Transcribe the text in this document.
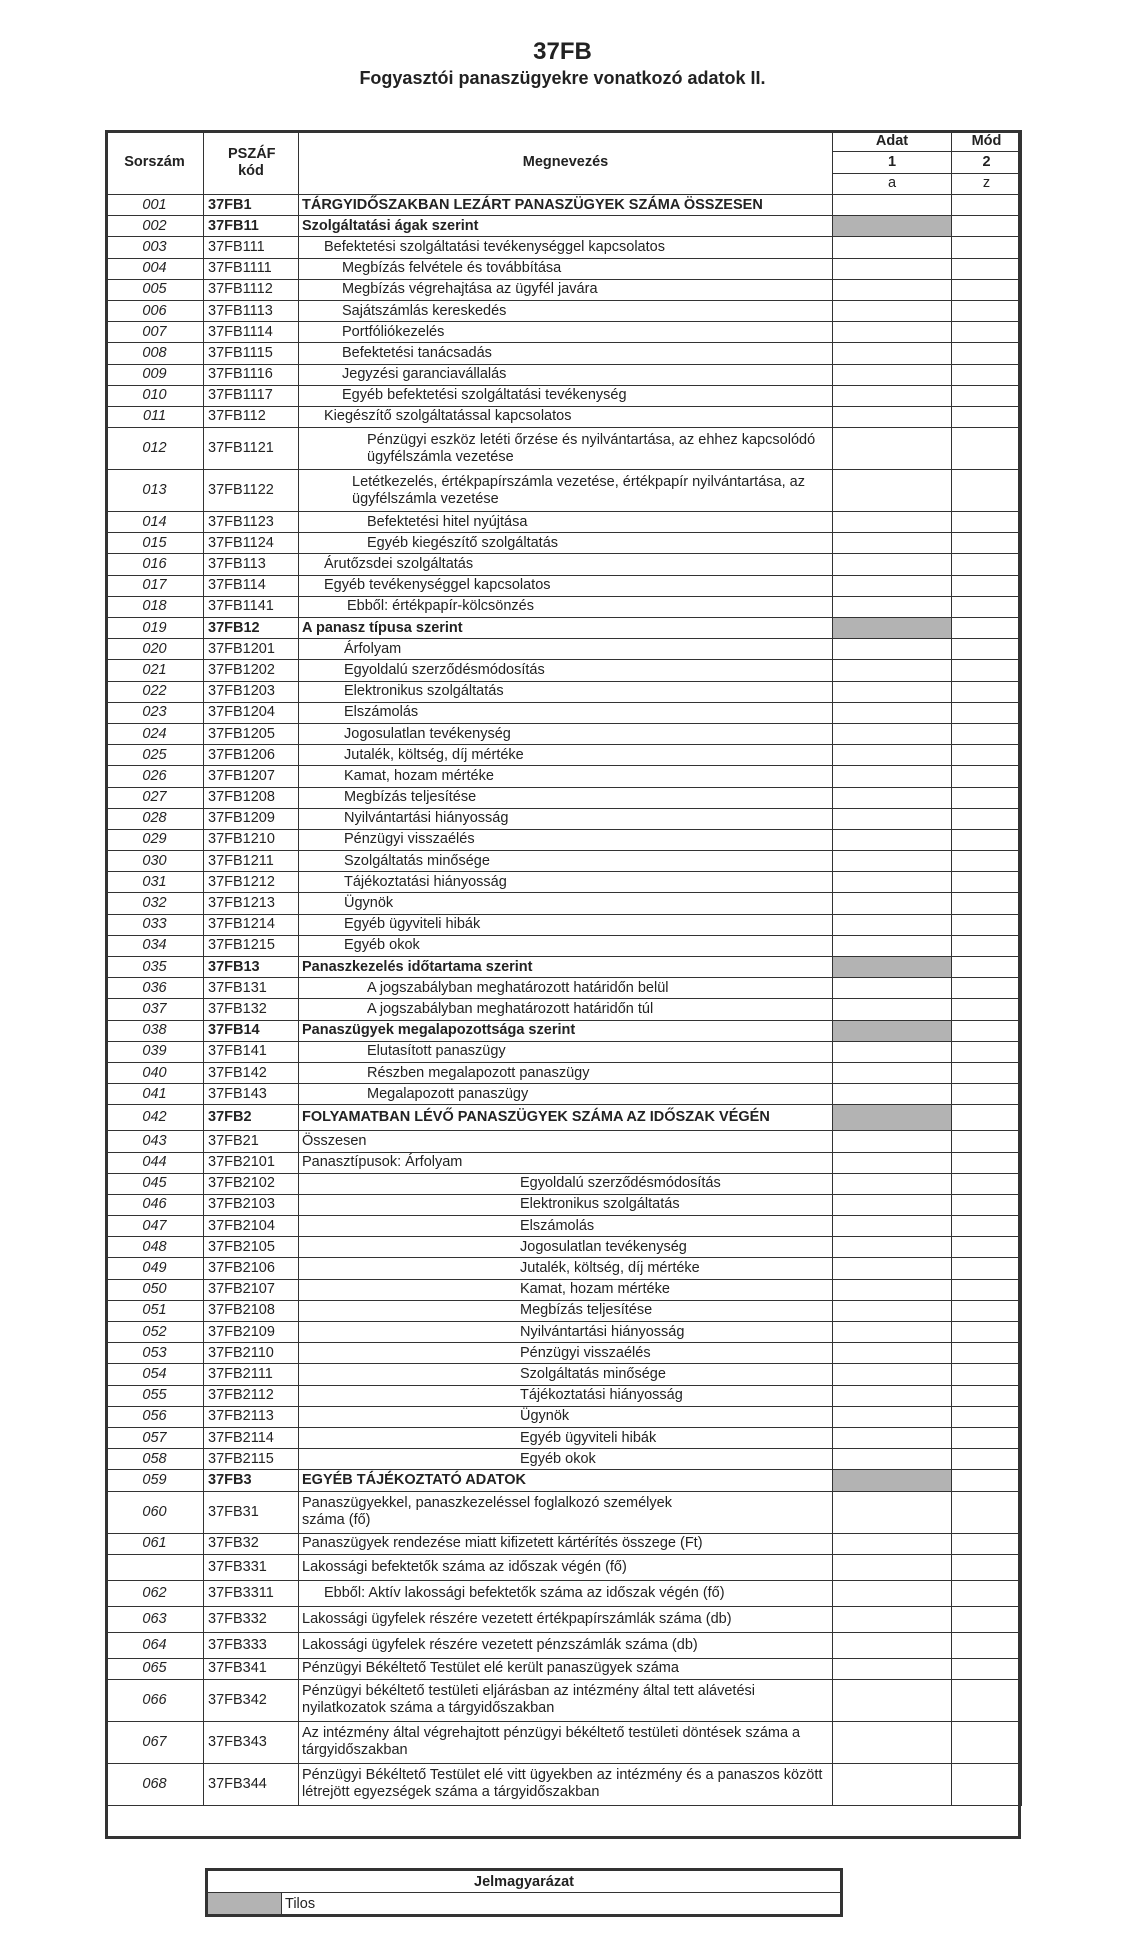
37FB
Fogyasztói panaszügyekre vonatkozó adatok II.
Sorszám	PSZÁF kód	Megnevezés	Adat	Mód
			1	2
			a	z
001	37FB1	TÁRGYIDŐSZAKBAN LEZÁRT PANASZÜGYEK SZÁMA ÖSSZESEN		
002	37FB11	Szolgáltatási ágak szerint		
003	37FB111	Befektetési szolgáltatási tevékenységgel kapcsolatos		
004	37FB1111	Megbízás felvétele és továbbítása		
005	37FB1112	Megbízás végrehajtása az ügyfél javára		
006	37FB1113	Sajátszámlás kereskedés		
007	37FB1114	Portfóliókezelés		
008	37FB1115	Befektetési tanácsadás		
009	37FB1116	Jegyzési garanciavállalás		
010	37FB1117	Egyéb befektetési szolgáltatási tevékenység		
011	37FB112	Kiegészítő szolgáltatással kapcsolatos		
012	37FB1121	Pénzügyi eszköz letéti őrzése és nyilvántartása, az ehhez kapcsolódó ügyfélszámla vezetése		
013	37FB1122	Letétkezelés, értékpapírszámla vezetése, értékpapír nyilvántartása, az ügyfélszámla vezetése		
014	37FB1123	Befektetési hitel nyújtása		
015	37FB1124	Egyéb kiegészítő szolgáltatás		
016	37FB113	Árutőzsdei szolgáltatás		
017	37FB114	Egyéb tevékenységgel kapcsolatos		
018	37FB1141	Ebből: értékpapír-kölcsönzés		
019	37FB12	A panasz típusa szerint		
020	37FB1201	Árfolyam		
021	37FB1202	Egyoldalú szerződésmódosítás		
022	37FB1203	Elektronikus szolgáltatás		
023	37FB1204	Elszámolás		
024	37FB1205	Jogosulatlan tevékenység		
025	37FB1206	Jutalék, költség, díj mértéke		
026	37FB1207	Kamat, hozam mértéke		
027	37FB1208	Megbízás teljesítése		
028	37FB1209	Nyilvántartási hiányosság		
029	37FB1210	Pénzügyi visszaélés		
030	37FB1211	Szolgáltatás minősége		
031	37FB1212	Tájékoztatási hiányosság		
032	37FB1213	Ügynök		
033	37FB1214	Egyéb ügyviteli hibák		
034	37FB1215	Egyéb okok		
035	37FB13	Panaszkezelés időtartama szerint		
036	37FB131	A jogszabályban meghatározott határidőn belül		
037	37FB132	A jogszabályban meghatározott határidőn túl		
038	37FB14	Panaszügyek megalapozottsága szerint		
039	37FB141	Elutasított panaszügy		
040	37FB142	Részben megalapozott panaszügy		
041	37FB143	Megalapozott panaszügy		
042	37FB2	FOLYAMATBAN LÉVŐ PANASZÜGYEK SZÁMA AZ IDŐSZAK VÉGÉN		
043	37FB21	Összesen		
044	37FB2101	Panasztípusok: Árfolyam		
045	37FB2102	Egyoldalú szerződésmódosítás		
046	37FB2103	Elektronikus szolgáltatás		
047	37FB2104	Elszámolás		
048	37FB2105	Jogosulatlan tevékenység		
049	37FB2106	Jutalék, költség, díj mértéke		
050	37FB2107	Kamat, hozam mértéke		
051	37FB2108	Megbízás teljesítése		
052	37FB2109	Nyilvántartási hiányosság		
053	37FB2110	Pénzügyi visszaélés		
054	37FB2111	Szolgáltatás minősége		
055	37FB2112	Tájékoztatási hiányosság		
056	37FB2113	Ügynök		
057	37FB2114	Egyéb ügyviteli hibák		
058	37FB2115	Egyéb okok		
059	37FB3	EGYÉB TÁJÉKOZTATÓ ADATOK		
060	37FB31	Panaszügyekkel, panaszkezeléssel foglalkozó személyek száma (fő)		
061	37FB32	Panaszügyek rendezése miatt kifizetett kártérítés összege (Ft)		
	37FB331	Lakossági befektetők száma az időszak végén (fő)		
062	37FB3311	Ebből: Aktív lakossági befektetők száma az időszak végén (fő)		
063	37FB332	Lakossági ügyfelek részére vezetett értékpapírszámlák száma (db)		
064	37FB333	Lakossági ügyfelek részére vezetett pénzszámlák száma (db)		
065	37FB341	Pénzügyi Békéltető Testület elé került panaszügyek száma		
066	37FB342	Pénzügyi békéltető testületi eljárásban az intézmény által tett alávetési nyilatkozatok száma a tárgyidőszakban		
067	37FB343	Az intézmény által végrehajtott pénzügyi békéltető testületi döntések száma a tárgyidőszakban		
068	37FB344	Pénzügyi Békéltető Testület elé vitt ügyekben az intézmény és a panaszos között létrejött egyezségek száma a tárgyidőszakban		
Jelmagyarázat
	Tilos
